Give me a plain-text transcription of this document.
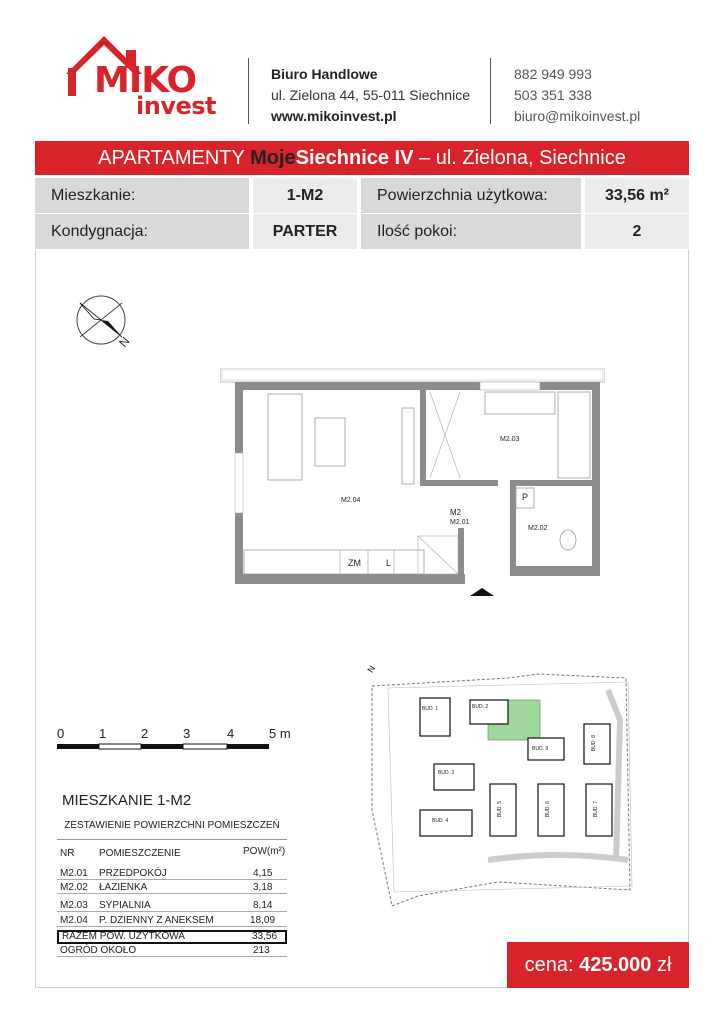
MIKO
invest
Biuro Handlowe
ul. Zielona 44, 55-011 Siechnice
www.mikoinvest.pl
882 949 993
503 351 338
biuro@mikoinvest.pl
APARTAMENTY MojeSiechnice IV – ul. Zielona, Siechnice
Mieszkanie:	1-M2	Powierzchnia użytkowa:	33,56 m²
Kondygnacja:	PARTER	Ilość pokoi:	2
N
M2.04
M2.03
M2.02
M2
M2.01
ZM	L
P
0	1	2	3	4	5 m
MIESZKANIE 1-M2
ZESTAWIENIE POWIERZCHNI POMIESZCZEŃ
NR POMIESZCZENIE	POW(m²)
M2.01 PRZEDPOKÓJ	4,15
M2.02 ŁAZIENKA	3,18
M2.03 SYPIALNIA	8,14
M2.04 P. DZIENNY Z ANEKSEM	18,09
RAZEM POW. UŻYTKOWA	33,56
OGRÓD OKOŁO	213
N
BUD. 1	BUD. 2
BUD. 3
BUD. 4
BUD. 5	BUD. 6	BUD. 7
BUD. 8
BUD. 9
cena: 425.000 zł
